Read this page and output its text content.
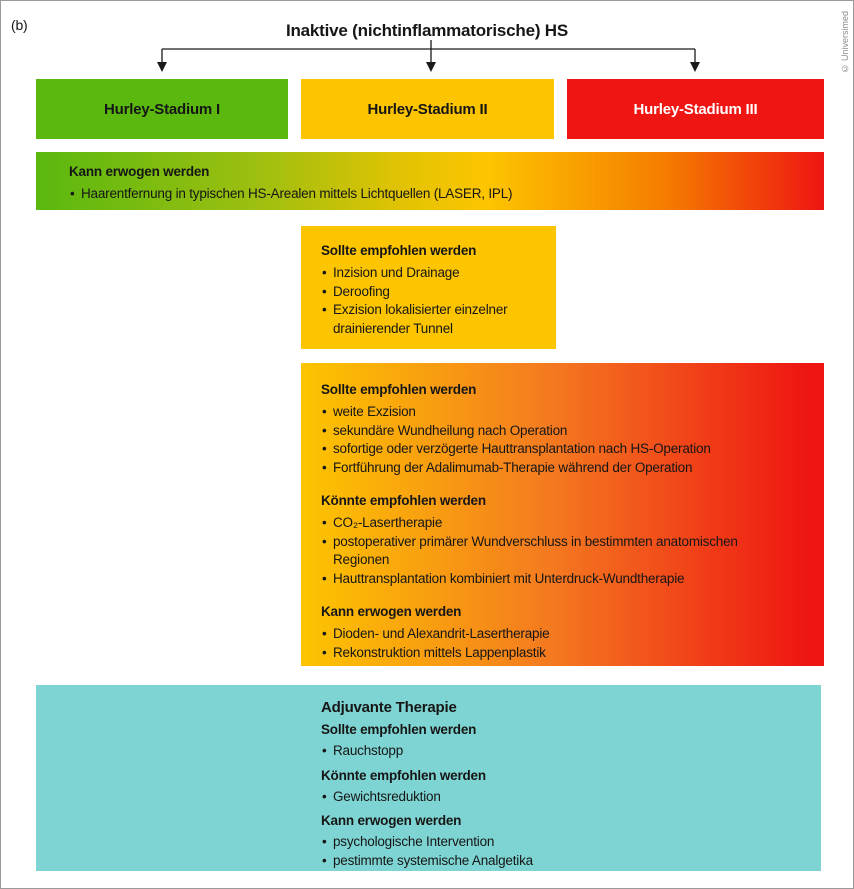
(b)	Inaktive (nichtinflammatorische) HS
Hurley-Stadium I	Hurley-Stadium II	Hurley-Stadium III
Kann erwogen werden
• Haarentfernung in typischen HS-Arealen mittels Lichtquellen (LASER, IPL)
Sollte empfohlen werden
• Inzision und Drainage
• Deroofing
• Exzision lokalisierter einzelner drainierender Tunnel
Sollte empfohlen werden
• weite Exzision
• sekundäre Wundheilung nach Operation
• sofortige oder verzögerte Hauttransplantation nach HS-Operation
• Fortführung der Adalimumab-Therapie während der Operation
Könnte empfohlen werden
• CO₂-Lasertherapie
• postoperativer primärer Wundverschluss in bestimmten anatomischen Regionen
• Hauttransplantation kombiniert mit Unterdruck-Wundtherapie
Kann erwogen werden
• Dioden- und Alexandrit-Lasertherapie
• Rekonstruktion mittels Lappenplastik
Adjuvante Therapie
Sollte empfohlen werden
• Rauchstopp
Könnte empfohlen werden
• Gewichtsreduktion
Kann erwogen werden
• psychologische Intervention
• pestimmte systemische Analgetika
© Universimed
